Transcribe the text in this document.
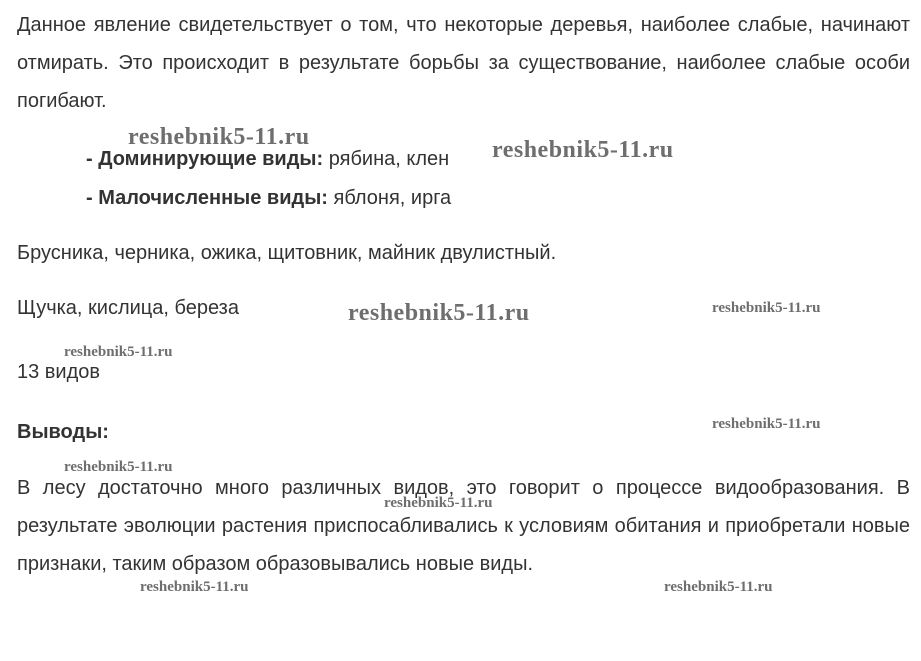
Данное явление свидетельствует о том, что некоторые деревья, наиболее слабые, начинают отмирать. Это происходит в результате борьбы за существование, наиболее слабые особи погибают.

- Доминирующие виды: рябина, клен
- Малочисленные виды: яблоня, ирга
Брусника, черника, ожика, щитовник, майник двулистный.
Щучка, кислица, береза
13 видов
Выводы:

В лесу достаточно много различных видов, это говорит о процессе видообразования. В результате эволюции растения приспосабливались к условиям обитания и приобретали новые признаки, таким образом образовывались новые виды.

reshebnik5-11.ru	reshebnik5-11.ru
reshebnik5-11.ru	reshebnik5-11.ru
reshebnik5-11.ru
reshebnik5-11.ru
reshebnik5-11.ru
reshebnik5-11.ru
reshebnik5-11.ru	reshebnik5-11.ru
